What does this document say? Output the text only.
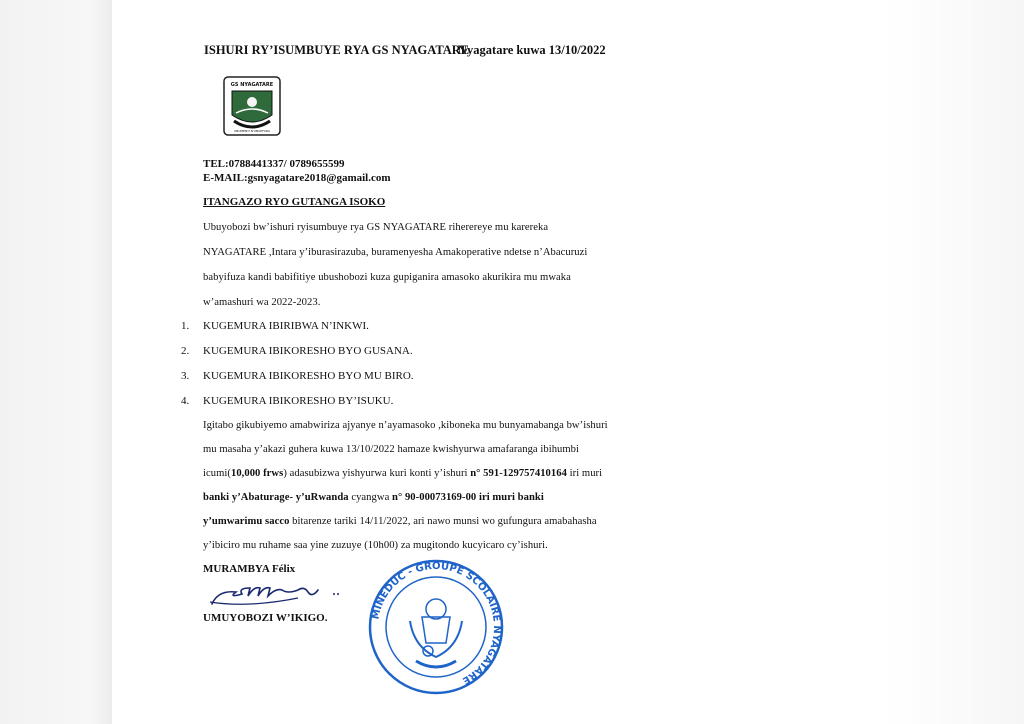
ISHURI RY’ISUMBUYE RYA GS NYAGATARE
Nyagatare kuwa 13/10/2022
GS NYAGATARE
UBUMENYI N'UBUPFURA
TEL:0788441337/ 0789655599
E-MAIL:gsnyagatare2018@gamail.com
ITANGAZO RYO GUTANGA ISOKO
Ubuyobozi bw’ishuri ryisumbuye rya GS NYAGATARE riherereye mu karereka
NYAGATARE ,Intara y’iburasirazuba, buramenyesha Amakoperative ndetse n’Abacuruzi
babyifuza kandi babifitiye ubushobozi kuza gupiganira amasoko akurikira mu mwaka
w’amashuri wa 2022-2023.
1. KUGEMURA IBIRIBWA N’INKWI.
2. KUGEMURA IBIKORESHO BYO GUSANA.
3. KUGEMURA IBIKORESHO BYO MU BIRO.
4. KUGEMURA IBIKORESHO BY’ISUKU.
Igitabo gikubiyemo amabwiriza ajyanye n’ayamasoko ,kiboneka mu bunyamabanga bw’ishuri
mu masaha y’akazi guhera kuwa 13/10/2022 hamaze kwishyurwa amafaranga ibihumbi
icumi(10,000 frws) adasubizwa yishyurwa kuri konti y’ishuri n° 591-129757410164 iri muri
banki y’Abaturage- y’uRwanda cyangwa n° 90-00073169-00 iri muri banki
y’umwarimu sacco bitarenze tariki 14/11/2022, ari nawo munsi wo gufungura amabahasha
y’ibiciro mu ruhame saa yine zuzuye (10h00) za mugitondo kucyicaro cy’ishuri.
MURAMBYA Félix
UMUYOBOZI W’IKIGO.	MINEDUC - GROUPE SCOLAIRE NYAGATARE
